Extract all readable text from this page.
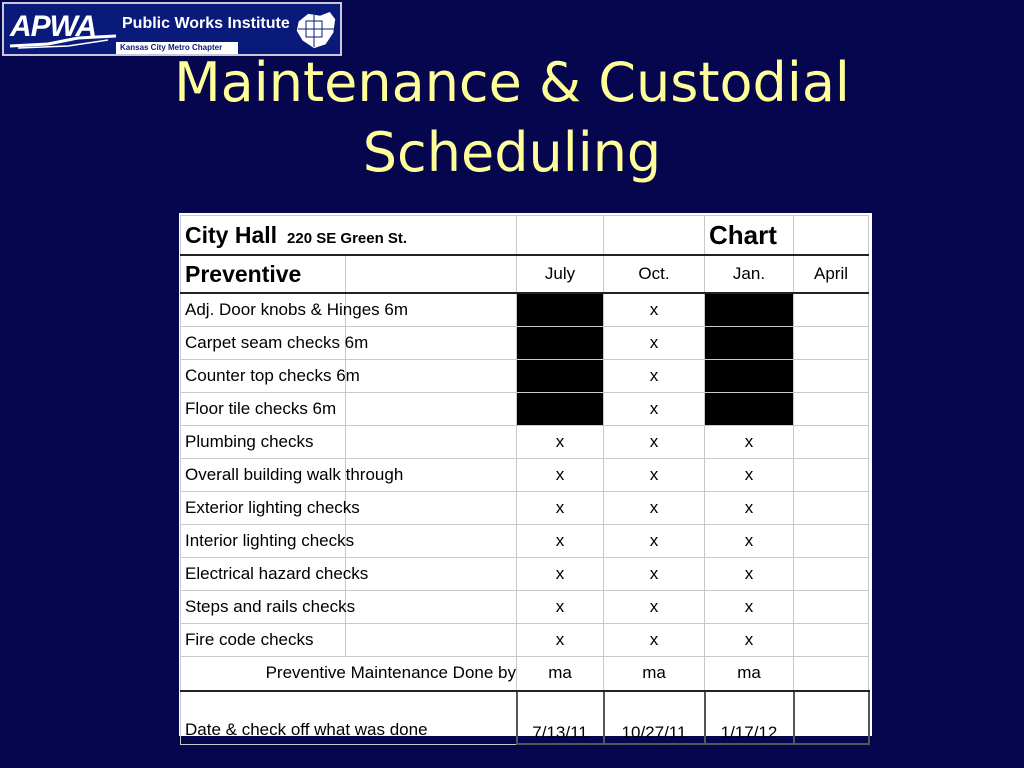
APWA	Public Works Institute
Kansas City Metro Chapter
Maintenance & Custodial
Scheduling
City Hall 220 SE Green St.				Chart	
Preventive		July	Oct.	Jan.	April
Adj. Door knobs & Hinges 6m			x		
Carpet seam checks 6m			x		
Counter top checks 6m			x		
Floor tile checks 6m			x		
Plumbing checks		x	x	x	
Overall building walk through		x	x	x	
Exterior lighting checks		x	x	x	
Interior lighting checks		x	x	x	
Electrical hazard checks		x	x	x	
Steps and rails checks		x	x	x	
Fire code checks		x	x	x	
Preventive Maintenance Done by		ma	ma	ma	
Date & check off what was done		7/13/11	10/27/11	1/17/12	
